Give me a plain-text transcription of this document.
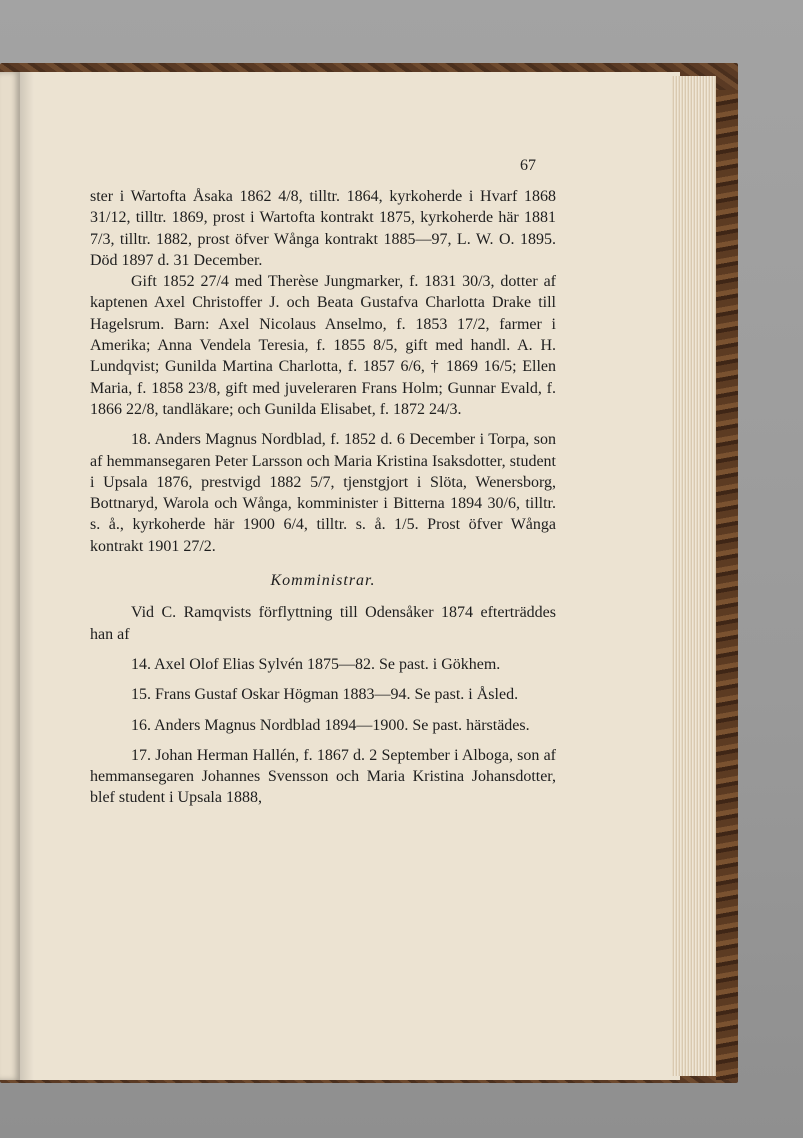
67

ster i Wartofta Åsaka 1862 4/8, tilltr. 1864, kyrkoherde i Hvarf 1868 31/12, tilltr. 1869, prost i Wartofta kontrakt 1875, kyrkoherde här 1881 7/3, tilltr. 1882, prost öfver Wånga kontrakt 1885—97, L. W. O. 1895. Död 1897 d. 31 December.

Gift 1852 27/4 med Therèse Jungmarker, f. 1831 30/3, dotter af kaptenen Axel Christoffer J. och Beata Gustafva Charlotta Drake till Hagelsrum. Barn: Axel Nicolaus Anselmo, f. 1853 17/2, farmer i Amerika; Anna Vendela Teresia, f. 1855 8/5, gift med handl. A. H. Lundqvist; Gunilda Martina Charlotta, f. 1857 6/6, † 1869 16/5; Ellen Maria, f. 1858 23/8, gift med juveleraren Frans Holm; Gunnar Evald, f. 1866 22/8, tandläkare; och Gunilda Elisabet, f. 1872 24/3.

18. Anders Magnus Nordblad, f. 1852 d. 6 December i Torpa, son af hemmansegaren Peter Larsson och Maria Kristina Isaksdotter, student i Upsala 1876, prestvigd 1882 5/7, tjenstgjort i Slöta, Wenersborg, Bottnaryd, Warola och Wånga, komminister i Bitterna 1894 30/6, tilltr. s. å., kyrkoherde här 1900 6/4, tilltr. s. å. 1/5. Prost öfver Wånga kontrakt 1901 27/2.

Komministrar.

Vid C. Ramqvists förflyttning till Odensåker 1874 efterträddes han af

14. Axel Olof Elias Sylvén 1875—82. Se past. i Gökhem.

15. Frans Gustaf Oskar Högman 1883—94. Se past. i Åsled.

16. Anders Magnus Nordblad 1894—1900. Se past. härstädes.

17. Johan Herman Hallén, f. 1867 d. 2 September i Alboga, son af hemmansegaren Johannes Svensson och Maria Kristina Johansdotter, blef student i Upsala 1888,
